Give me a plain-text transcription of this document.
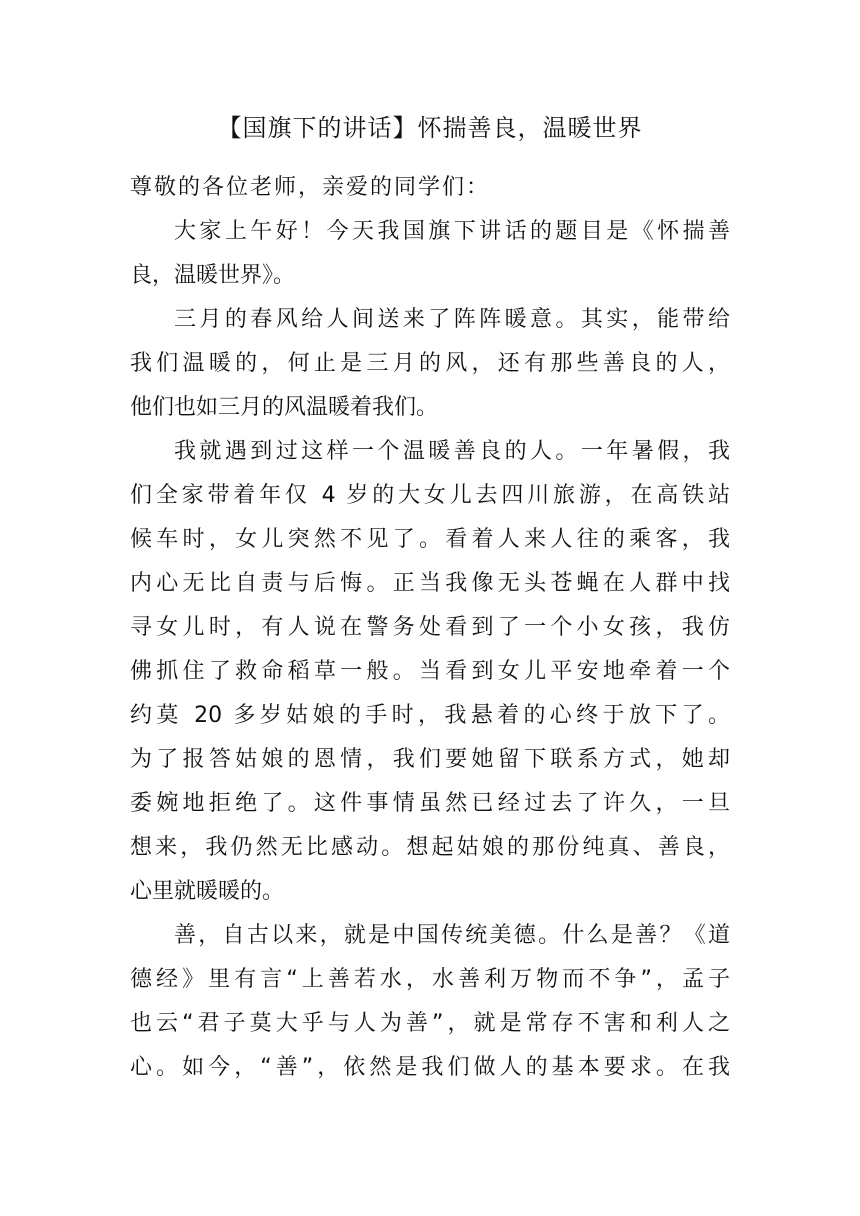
【国旗下的讲话】怀揣善良，温暖世界
尊敬的各位老师，亲爱的同学们：
大家上午好！今天我国旗下讲话的题目是《怀揣善
良，温暖世界》。
三月的春风给人间送来了阵阵暖意。其实，能带给
我们温暖的，何止是三月的风，还有那些善良的人，
他们也如三月的风温暖着我们。
我就遇到过这样一个温暖善良的人。一年暑假，我
们全家带着年仅 4 岁的大女儿去四川旅游，在高铁站
候车时，女儿突然不见了。看着人来人往的乘客，我
内心无比自责与后悔。正当我像无头苍蝇在人群中找
寻女儿时，有人说在警务处看到了一个小女孩，我仿
佛抓住了救命稻草一般。当看到女儿平安地牵着一个
约莫 20 多岁姑娘的手时，我悬着的心终于放下了。
为了报答姑娘的恩情，我们要她留下联系方式，她却
委婉地拒绝了。这件事情虽然已经过去了许久，一旦
想来，我仍然无比感动。想起姑娘的那份纯真、善良，
心里就暖暖的。
善，自古以来，就是中国传统美德。什么是善？《道
德经》里有言“上善若水，水善利万物而不争”，孟子
也云“君子莫大乎与人为善”，就是常存不害和利人之
心。如今，“善”，依然是我们做人的基本要求。在我
